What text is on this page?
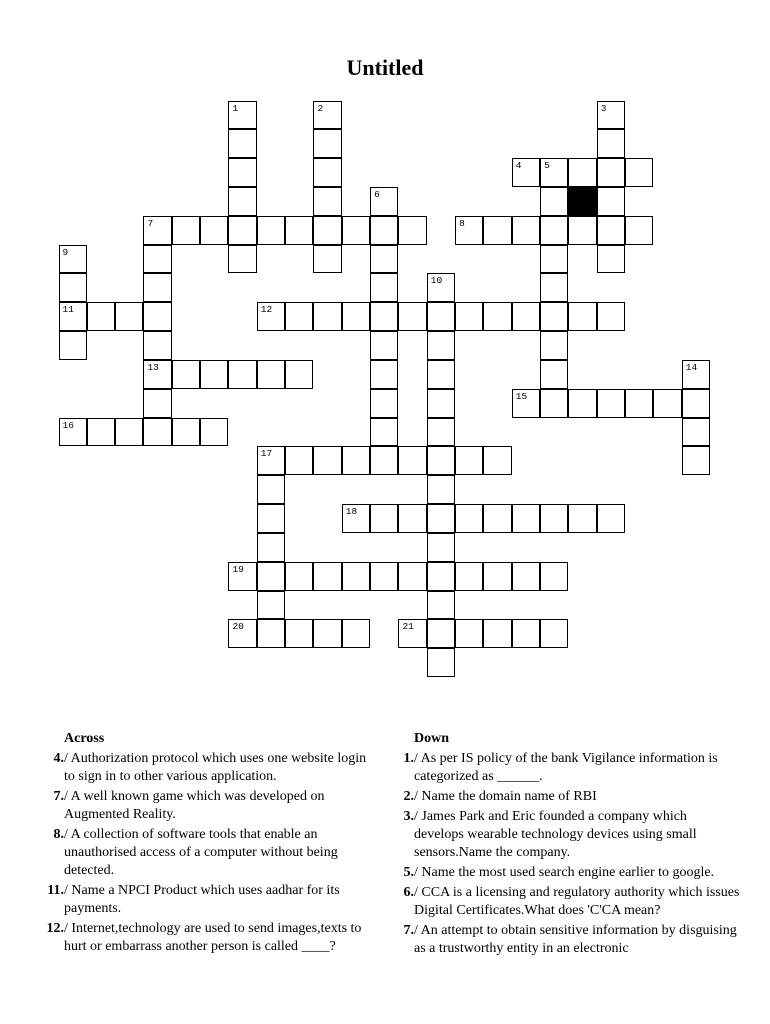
Untitled
1	2	3
5
6
7
13
9
11
10
14
17
4
8
12
15
16
18
19
20	21
Across
4. / Authorization protocol which uses one website login to sign in to other various application.
7. / A well known game which was developed on Augmented Reality.
8. / A collection of software tools that enable an unauthorised access of a computer without being detected.
11. / Name a NPCI Product which uses aadhar for its payments.
12. / Internet,technology are used to send images,texts to hurt or embarrass another person is called ____?
Down
1. / As per IS policy of the bank Vigilance information is categorized as ______.
2. / Name the domain name of RBI
3. / James Park and Eric founded a company which develops wearable technology devices using small sensors.Name the company.
5. / Name the most used search engine earlier to google.
6. / CCA is a licensing and regulatory authority which issues Digital Certificates.What does 'C'CA mean?
7. / An attempt to obtain sensitive information by disguising as a trustworthy entity in an electronic
